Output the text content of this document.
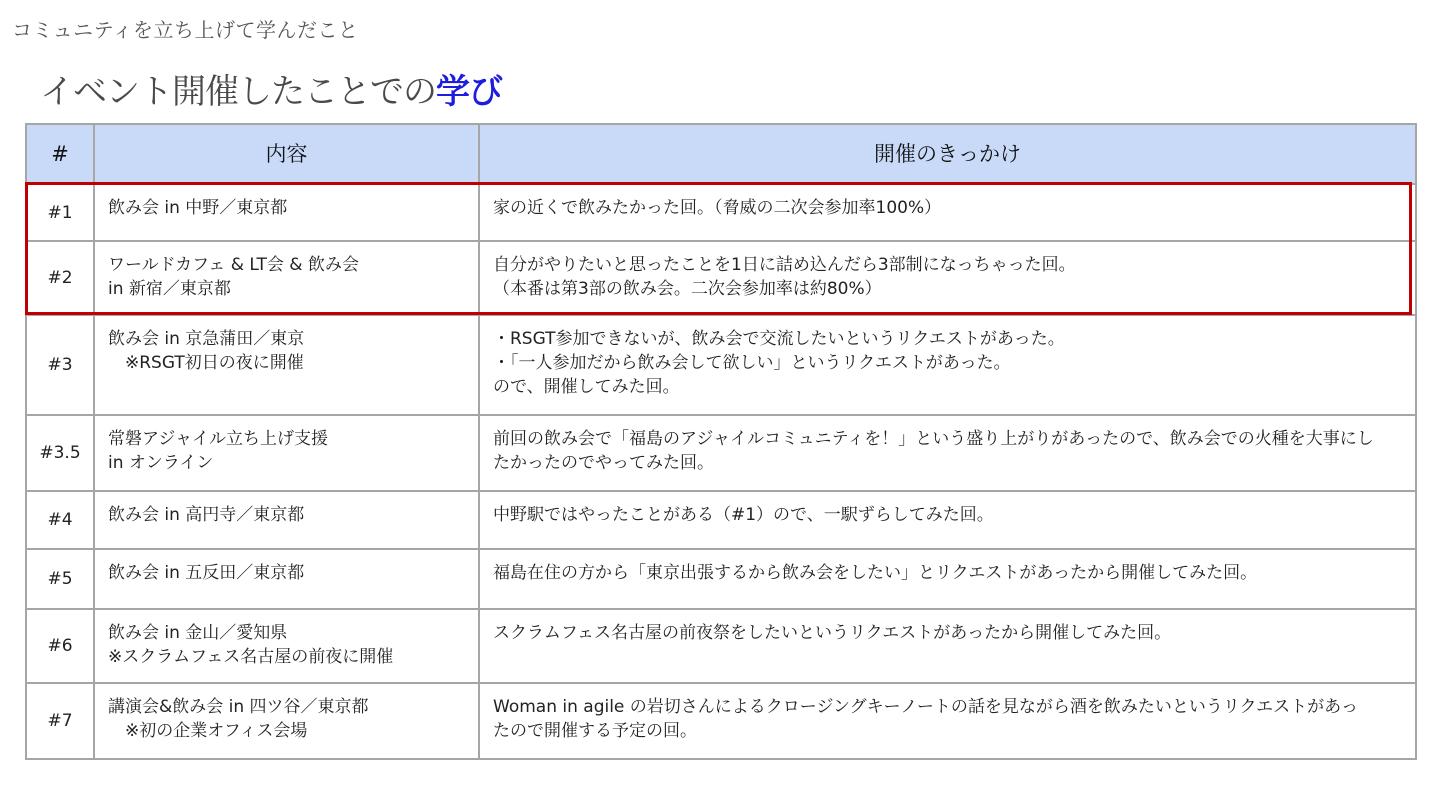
コミュニティを立ち上げて学んだこと
イベント開催したことでの学び
#	内容	開催のきっかけ
#1	飲み会 in 中野／東京都	家の近くで飲みたかった回。（脅威の二次会参加率100%）

#2	ワールドカフェ & LT会 & 飲み会
in 新宿／東京都	自分がやりたいと思ったことを1日に詰め込んだら3部制になっちゃった回。
（本番は第3部の飲み会。二次会参加率は約80%）

#3	飲み会 in 京急蒲田／東京
　※RSGT初日の夜に開催	・RSGT参加できないが、飲み会で交流したいというリクエストがあった。
・「一人参加だから飲み会して欲しい」というリクエストがあった。
ので、開催してみた回。

#3.5	常磐アジャイル立ち上げ支援
in オンライン	前回の飲み会で「福島のアジャイルコミュニティを！」という盛り上がりがあったので、飲み会での火種を大事にし
たかったのでやってみた回。

#4	飲み会 in 高円寺／東京都	中野駅ではやったことがある（#1）ので、一駅ずらしてみた回。

#5	飲み会 in 五反田／東京都	福島在住の方から「東京出張するから飲み会をしたい」とリクエストがあったから開催してみた回。

#6	飲み会 in 金山／愛知県
※スクラムフェス名古屋の前夜に開催	スクラムフェス名古屋の前夜祭をしたいというリクエストがあったから開催してみた回。

#7	講演会&飲み会 in 四ツ谷／東京都
　※初の企業オフィス会場	Woman in agile の岩切さんによるクロージングキーノートの話を見ながら酒を飲みたいというリクエストがあっ
たので開催する予定の回。
